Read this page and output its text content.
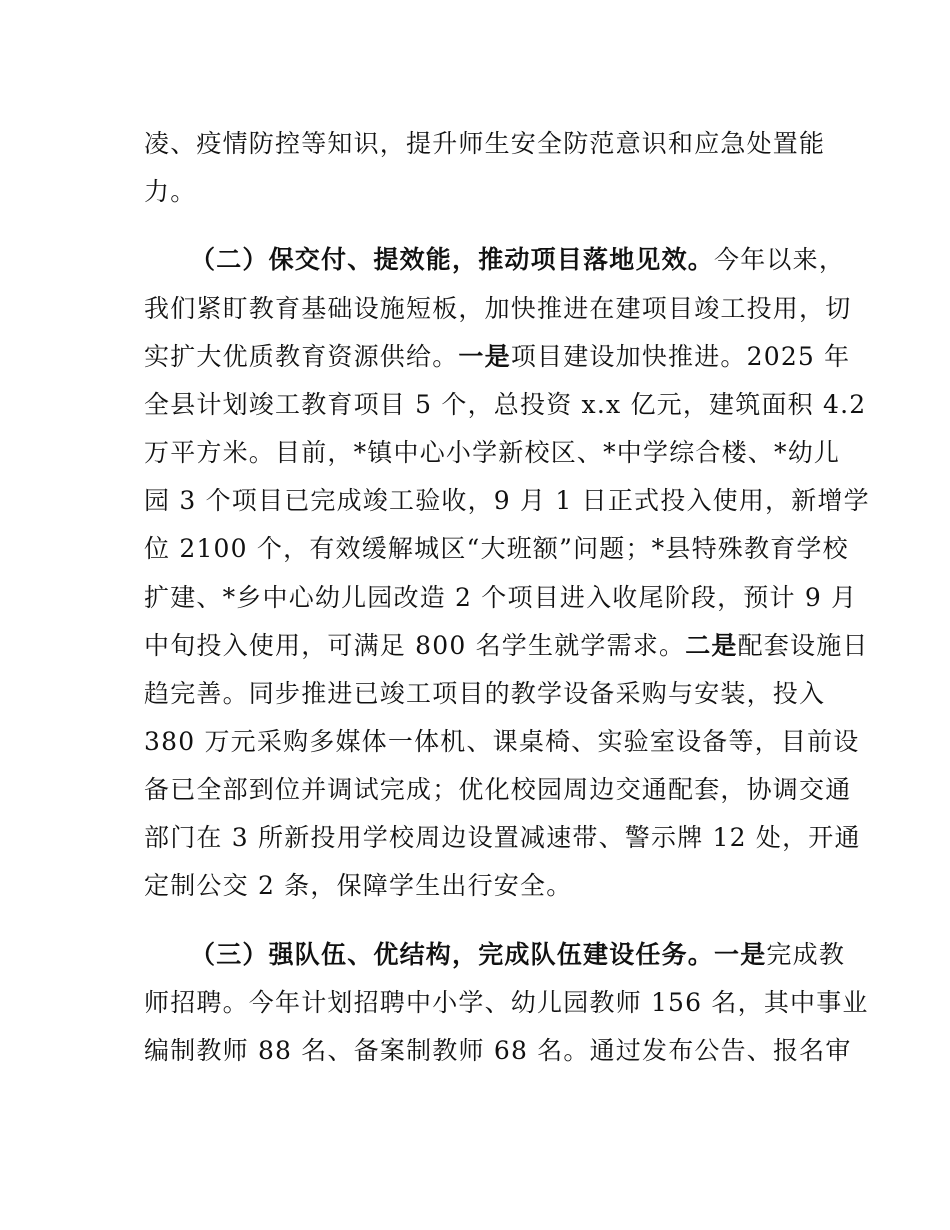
凌、疫情防控等知识，提升师生安全防范意识和应急处置能
力。
（二）保交付、提效能，推动项目落地见效。今年以来，
我们紧盯教育基础设施短板，加快推进在建项目竣工投用，切
实扩大优质教育资源供给。一是项目建设加快推进。2025 年
全县计划竣工教育项目 5 个，总投资 x.x 亿元，建筑面积 4.2
万平方米。目前，*镇中心小学新校区、*中学综合楼、*幼儿
园 3 个项目已完成竣工验收，9 月 1 日正式投入使用，新增学
位 2100 个，有效缓解城区“大班额”问题；*县特殊教育学校
扩建、*乡中心幼儿园改造 2 个项目进入收尾阶段，预计 9 月
中旬投入使用，可满足 800 名学生就学需求。二是配套设施日
趋完善。同步推进已竣工项目的教学设备采购与安装，投入
380 万元采购多媒体一体机、课桌椅、实验室设备等，目前设
备已全部到位并调试完成；优化校园周边交通配套，协调交通
部门在 3 所新投用学校周边设置减速带、警示牌 12 处，开通
定制公交 2 条，保障学生出行安全。
（三）强队伍、优结构，完成队伍建设任务。一是完成教
师招聘。今年计划招聘中小学、幼儿园教师 156 名，其中事业
编制教师 88 名、备案制教师 68 名。通过发布公告、报名审
